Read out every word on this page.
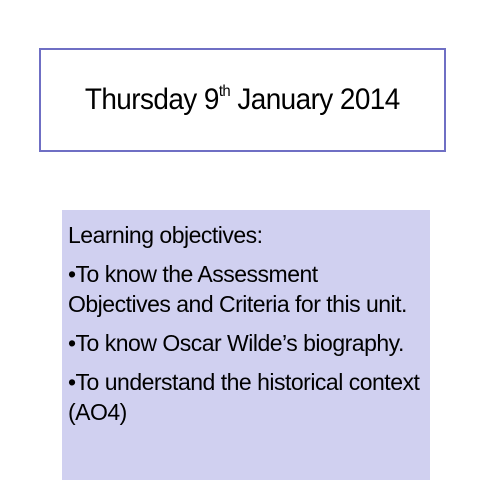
Thursday 9th January 2014

Learning objectives:

•To know the Assessment Objectives and Criteria for this unit.

•To know Oscar Wilde’s biography.

•To understand the historical context (AO4)
